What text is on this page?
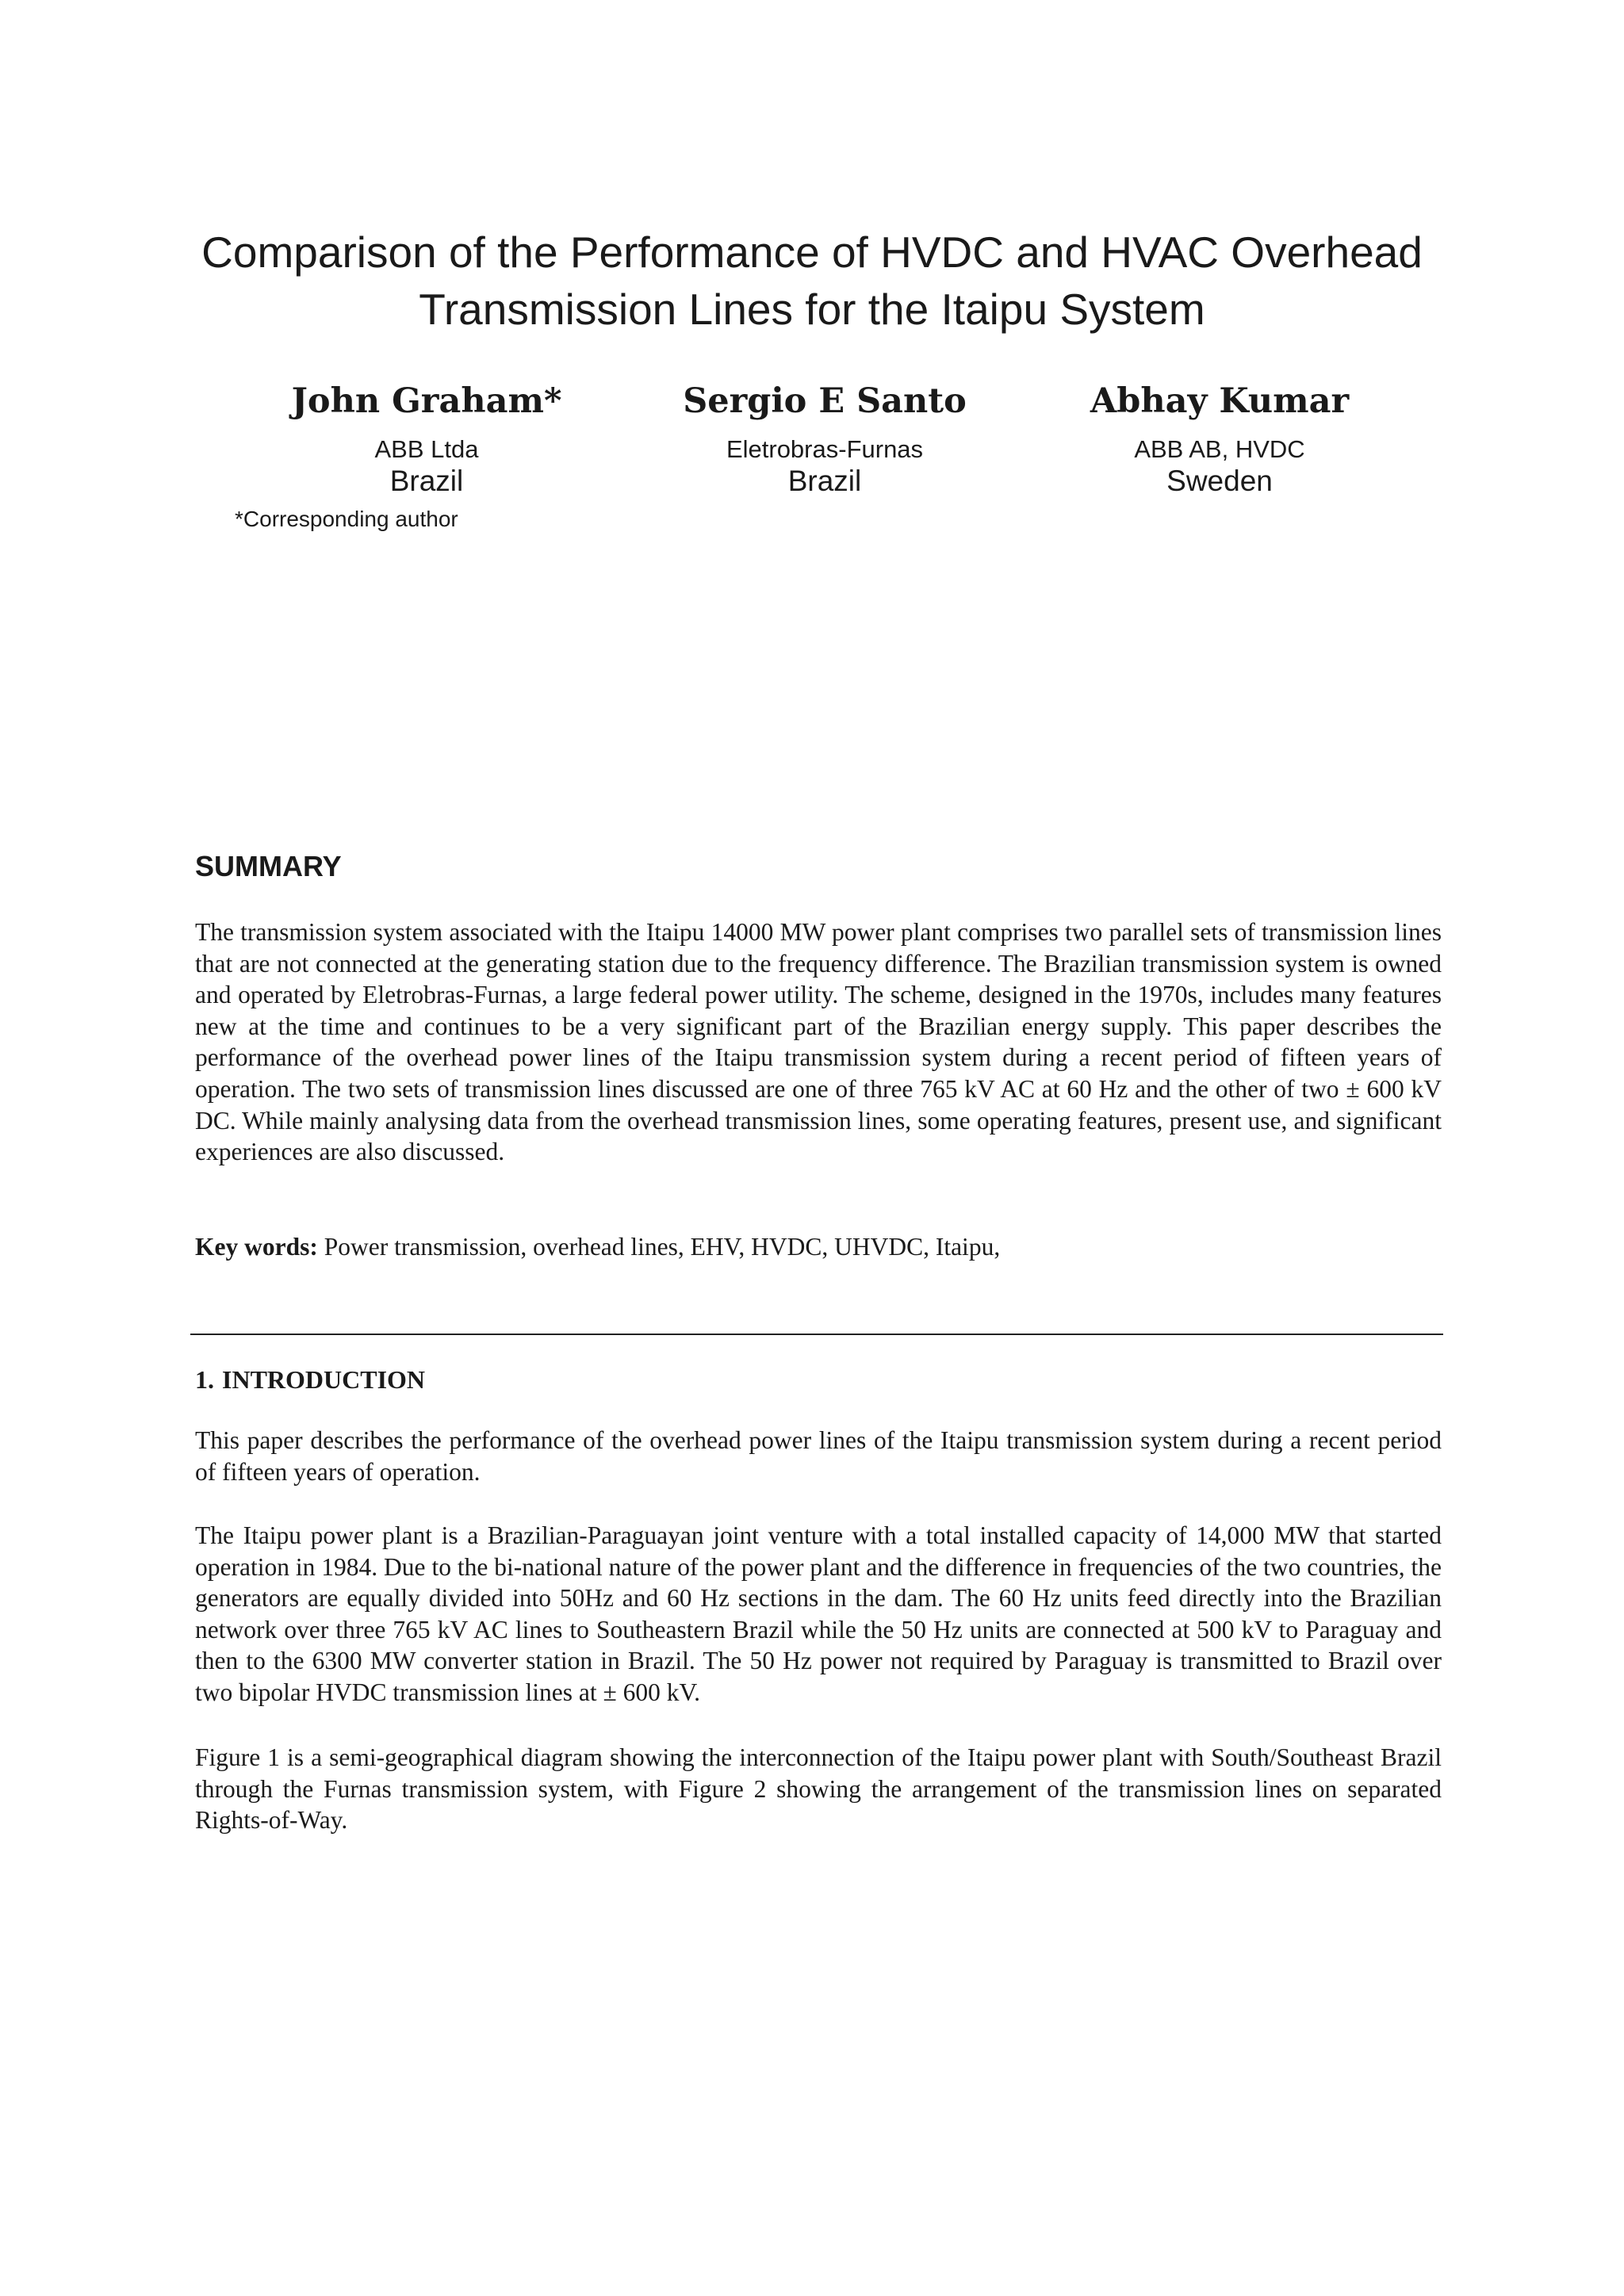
Comparison of the Performance of HVDC and HVAC Overhead
Transmission Lines for the Itaipu System
John Graham*
ABB Ltda
Brazil
Sergio E Santo
Eletrobras-Furnas
Brazil
Abhay Kumar
ABB AB, HVDC
Sweden
*Corresponding author
SUMMARY

The transmission system associated with the Itaipu 14000 MW power plant comprises two parallel sets of transmission lines that are not connected at the generating station due to the frequency difference. The Brazilian transmission system is owned and operated by Eletrobras-Furnas, a large federal power utility. The scheme, designed in the 1970s, includes many features new at the time and continues to be a very significant part of the Brazilian energy supply. This paper describes the performance of the overhead power lines of the Itaipu transmission system during a recent period of fifteen years of operation. The two sets of transmission lines discussed are one of three 765 kV AC at 60 Hz and the other of two ± 600 kV DC. While mainly analysing data from the overhead transmission lines, some operating features, present use, and significant experiences are also discussed.

Key words: Power transmission, overhead lines, EHV, HVDC, UHVDC, Itaipu,

1. INTRODUCTION

This paper describes the performance of the overhead power lines of the Itaipu transmission system during a recent period of fifteen years of operation.

The Itaipu power plant is a Brazilian-Paraguayan joint venture with a total installed capacity of 14,000 MW that started operation in 1984. Due to the bi-national nature of the power plant and the difference in frequencies of the two countries, the generators are equally divided into 50Hz and 60 Hz sections in the dam. The 60 Hz units feed directly into the Brazilian network over three 765 kV AC lines to Southeastern Brazil while the 50 Hz units are connected at 500 kV to Paraguay and then to the 6300 MW converter station in Brazil. The 50 Hz power not required by Paraguay is transmitted to Brazil over two bipolar HVDC transmission lines at ± 600 kV.

Figure 1 is a semi-geographical diagram showing the interconnection of the Itaipu power plant with South/Southeast Brazil through the Furnas transmission system, with Figure 2 showing the arrangement of the transmission lines on separated Rights-of-Way.
